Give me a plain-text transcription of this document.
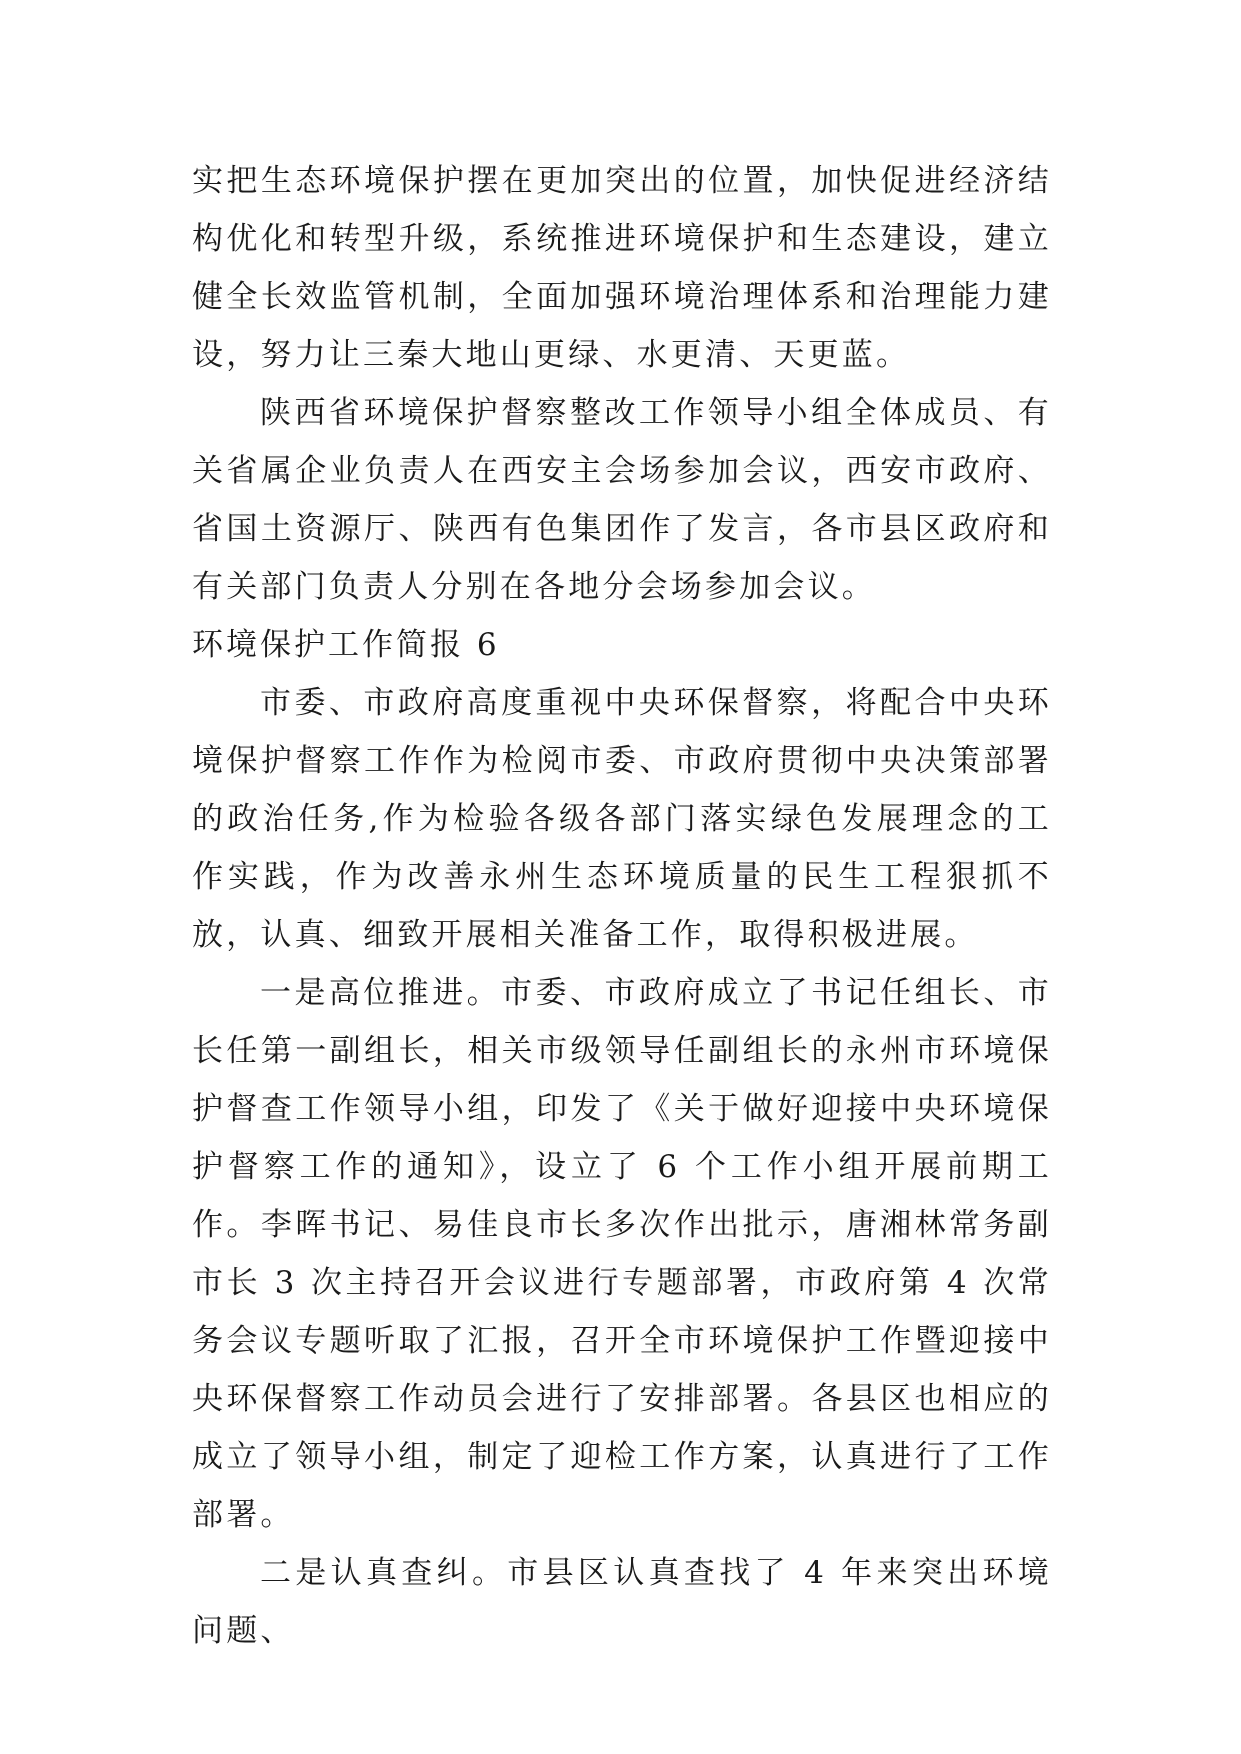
实把生态环境保护摆在更加突出的位置，加快促进经济结构优化和转型升级，系统推进环境保护和生态建设，建立健全长效监管机制，全面加强环境治理体系和治理能力建设，努力让三秦大地山更绿、水更清、天更蓝。

陕西省环境保护督察整改工作领导小组全体成员、有关省属企业负责人在西安主会场参加会议，西安市政府、省国土资源厅、陕西有色集团作了发言，各市县区政府和有关部门负责人分别在各地分会场参加会议。

环境保护工作简报 6

市委、市政府高度重视中央环保督察，将配合中央环境保护督察工作作为检阅市委、市政府贯彻中央决策部署的政治任务,作为检验各级各部门落实绿色发展理念的工作实践，作为改善永州生态环境质量的民生工程狠抓不放，认真、细致开展相关准备工作，取得积极进展。

一是高位推进。市委、市政府成立了书记任组长、市长任第一副组长，相关市级领导任副组长的永州市环境保护督查工作领导小组，印发了《关于做好迎接中央环境保护督察工作的通知》，设立了 6 个工作小组开展前期工作。李晖书记、易佳良市长多次作出批示，唐湘林常务副市长 3 次主持召开会议进行专题部署，市政府第 4 次常务会议专题听取了汇报，召开全市环境保护工作暨迎接中央环保督察工作动员会进行了安排部署。各县区也相应的成立了领导小组，制定了迎检工作方案，认真进行了工作部署。

二是认真查纠。市县区认真查找了 4 年来突出环境问题、
